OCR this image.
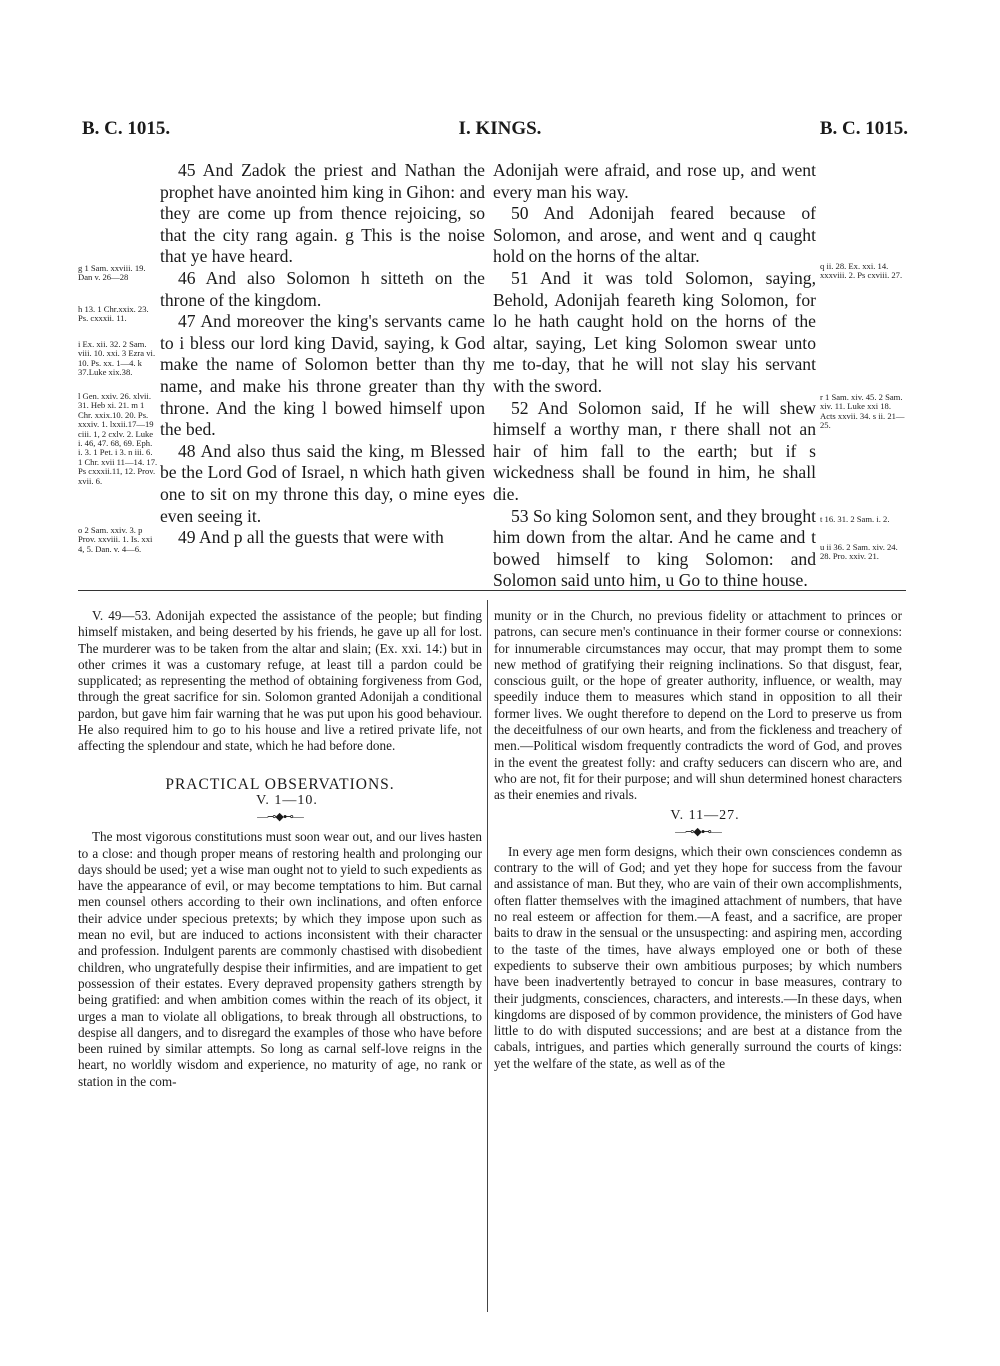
B. C. 1015.	I. KINGS.	B. C. 1015.

45 And Zadok the priest and Nathan the prophet have anointed him king in Gihon: and they are come up from thence rejoicing, so that the city rang again. g This is the noise that ye have heard.

46 And also Solomon h sitteth on the throne of the kingdom.

47 And moreover the king's servants came to i bless our lord king David, saying, k God make the name of Solomon better than thy name, and make his throne greater than thy throne. And the king l bowed himself upon the bed.

48 And also thus said the king, m Blessed be the Lord God of Israel, n which hath given one to sit on my throne this day, o mine eyes even seeing it.

49 And p all the guests that were with

Adonijah were afraid, and rose up, and went every man his way.

50 And Adonijah feared because of Solomon, and arose, and went and q caught hold on the horns of the altar.

51 And it was told Solomon, saying, Behold, Adonijah feareth king Solomon, for lo he hath caught hold on the horns of the altar, saying, Let king Solomon swear unto me to-day, that he will not slay his servant with the sword.

52 And Solomon said, If he will shew himself a worthy man, r there shall not an hair of him fall to the earth; but if s wickedness shall be found in him, he shall die.

53 So king Solomon sent, and they brought him down from the altar. And he came and t bowed himself to king Solomon: and Solomon said unto him, u Go to thine house.

g 1 Sam. xxviii. 19. Dan v. 26—28
h 13. 1 Chr.xxix. 23. Ps. cxxxii. 11.
i Ex. xii. 32. 2 Sam. viii. 10. xxi. 3 Ezra vi. 10. Ps. xx. 1—4. k 37.Luke xix.38.
l Gen. xxiv. 26. xlvii. 31. Heb xi. 21. m 1 Chr. xxix.10. 20. Ps. xxxiv. 1. lxxii.17—19 ciii. 1, 2 cxlv. 2. Luke i. 46, 47. 68, 69. Eph. i. 3. 1 Pet. i 3. n iii. 6. 1 Chr. xvii 11—14. 17. Ps cxxxii.11, 12. Prov. xvii. 6.
o 2 Sam. xxiv. 3. p Prov. xxviii. 1. Is. xxi 4, 5. Dan. v. 4—6.
q ii. 28. Ex. xxi. 14. xxxviii. 2. Ps cxviii. 27.
r 1 Sam. xiv. 45. 2 Sam. xiv. 11. Luke xxi 18. Acts xxvii. 34. s ii. 21—25.
t 16. 31. 2 Sam. i. 2.
u ii 36. 2 Sam. xiv. 24. 28. Pro. xxiv. 21.

V. 49—53. Adonijah expected the assistance of the people; but finding himself mistaken, and being deserted by his friends, he gave up all for lost. The murderer was to be taken from the altar and slain; (Ex. xxi. 14:) but in other crimes it was a customary refuge, at least till a pardon could be supplicated; as representing the method of obtaining forgiveness from God, through the great sacrifice for sin. Solomon granted Adonijah a conditional pardon, but gave him fair warning that he was put upon his good behaviour. He also required him to go to his house and live a retired private life, not affecting the splendour and state, which he had before done.

PRACTICAL OBSERVATIONS.

V. 1—10.

—⊸◆⊷—

The most vigorous constitutions must soon wear out, and our lives hasten to a close: and though proper means of restoring health and prolonging our days should be used; yet a wise man ought not to yield to such expedients as have the appearance of evil, or may become temptations to him. But carnal men counsel others according to their own inclinations, and often enforce their advice under specious pretexts; by which they impose upon such as mean no evil, but are induced to actions inconsistent with their character and profession. Indulgent parents are commonly chastised with disobedient children, who ungratefully despise their infirmities, and are impatient to get possession of their estates. Every depraved propensity gathers strength by being gratified: and when ambition comes within the reach of its object, it urges a man to violate all obligations, to break through all obstructions, to despise all dangers, and to disregard the examples of those who have before been ruined by similar attempts. So long as carnal self-love reigns in the heart, no worldly wisdom and experience, no maturity of age, no rank or station in the com-

munity or in the Church, no previous fidelity or attachment to princes or patrons, can secure men's continuance in their former course or connexions: for innumerable circumstances may occur, that may prompt them to some new method of gratifying their reigning inclinations. So that disgust, fear, conscious guilt, or the hope of greater authority, influence, or wealth, may speedily induce them to measures which stand in opposition to all their former lives. We ought therefore to depend on the Lord to preserve us from the deceitfulness of our own hearts, and from the fickleness and treachery of men.—Political wisdom frequently contradicts the word of God, and proves in the event the greatest folly: and crafty seducers can discern who are, and who are not, fit for their purpose; and will shun determined honest characters as their enemies and rivals.

V. 11—27.

—⊸◆⊷—

In every age men form designs, which their own consciences condemn as contrary to the will of God; and yet they hope for success from the favour and assistance of man. But they, who are vain of their own accomplishments, often flatter themselves with the imagined attachment of numbers, that have no real esteem or affection for them.—A feast, and a sacrifice, are proper baits to draw in the sensual or the unsuspecting: and aspiring men, according to the taste of the times, have always employed one or both of these expedients to subserve their own ambitious purposes; by which numbers have been inadvertently betrayed to concur in base measures, contrary to their judgments, consciences, characters, and interests.—In these days, when kingdoms are disposed of by common providence, the ministers of God have little to do with disputed successions; and are best at a distance from the cabals, intrigues, and parties which generally surround the courts of kings: yet the welfare of the state, as well as of the
